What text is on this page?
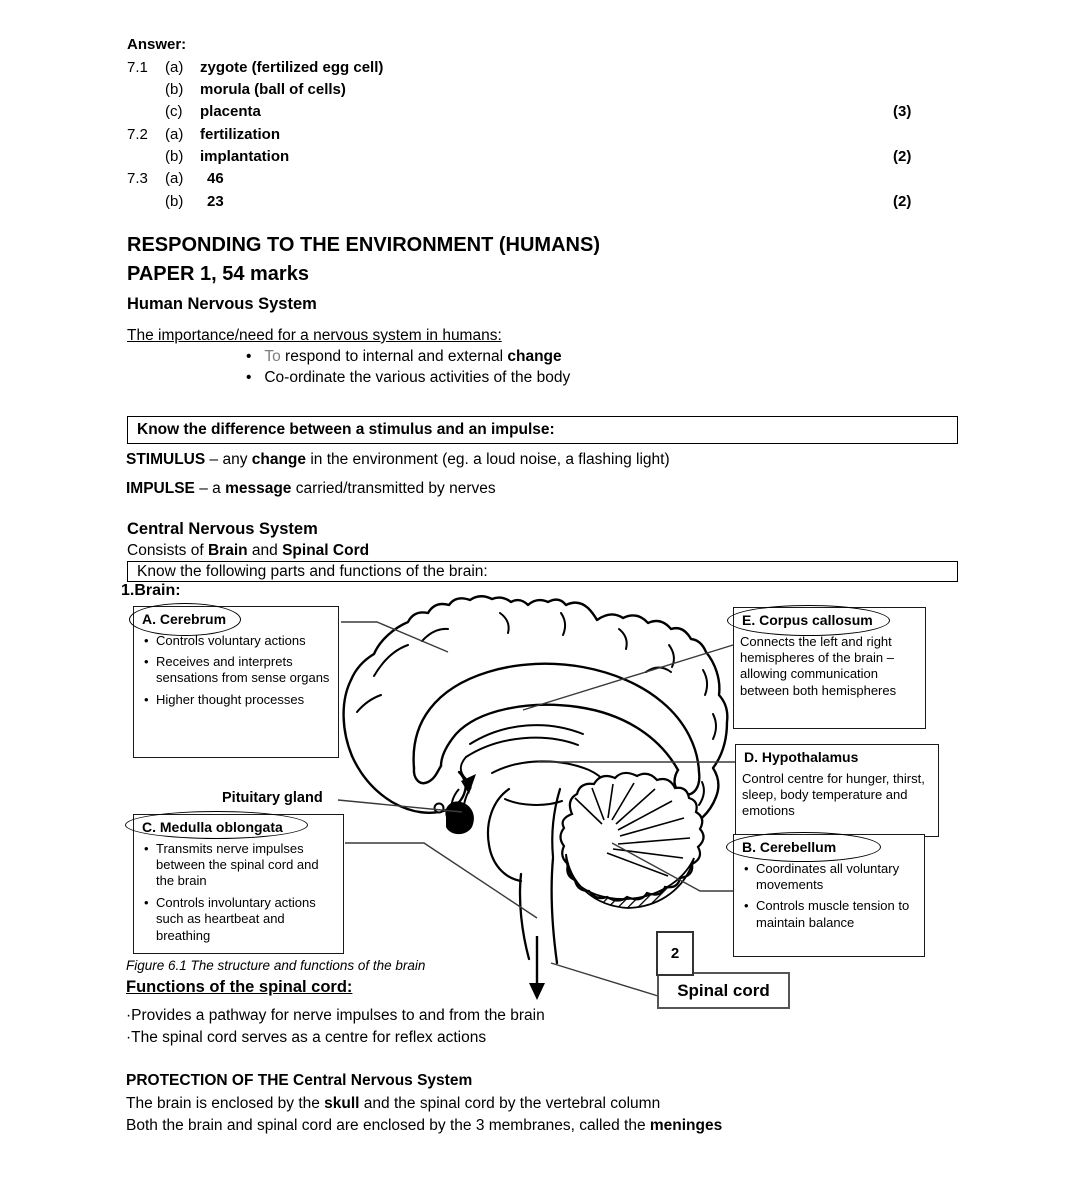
Answer:
7.1 (a) zygote (fertilized egg cell)
(b) morula (ball of cells)
(c) placenta	(3)
7.2 (a) fertilization
(b) implantation	(2)
7.3 (a) 46
(b) 23	(2)
RESPONDING TO THE ENVIRONMENT (HUMANS)
PAPER 1, 54 marks
Human Nervous System
The importance/need for a nervous system in humans:
•   To respond to internal and external change
•   Co-ordinate the various activities of the body
Know the difference between a stimulus and an impulse:
STIMULUS – any change in the environment (eg. a loud noise, a flashing light)
IMPULSE – a message carried/transmitted by nerves
Central Nervous System
Consists of Brain and Spinal Cord
Know the following parts and functions of the brain:
1.Brain:
A. Cerebrum
• Controls voluntary actions
• Receives and interprets sensations from sense organs
• Higher thought processes
E. Corpus callosum
Connects the left and right hemispheres of the brain – allowing communication between both hemispheres
D. Hypothalamus
Control centre for hunger, thirst, sleep, body temperature and emotions
B. Cerebellum
• Coordinates all voluntary movements
• Controls muscle tension to maintain balance
C. Medulla oblongata
• Transmits nerve impulses between the spinal cord and the brain
• Controls involuntary actions such as heartbeat and breathing
Pituitary gland
2
Spinal cord
Figure 6.1 The structure and functions of the brain
Functions of the spinal cord:
·Provides a pathway for nerve impulses to and from the brain
·The spinal cord serves as a centre for reflex actions
PROTECTION OF THE Central Nervous System
The brain is enclosed by the skull and the spinal cord by the vertebral column
Both the brain and spinal cord are enclosed by the 3 membranes, called the meninges
